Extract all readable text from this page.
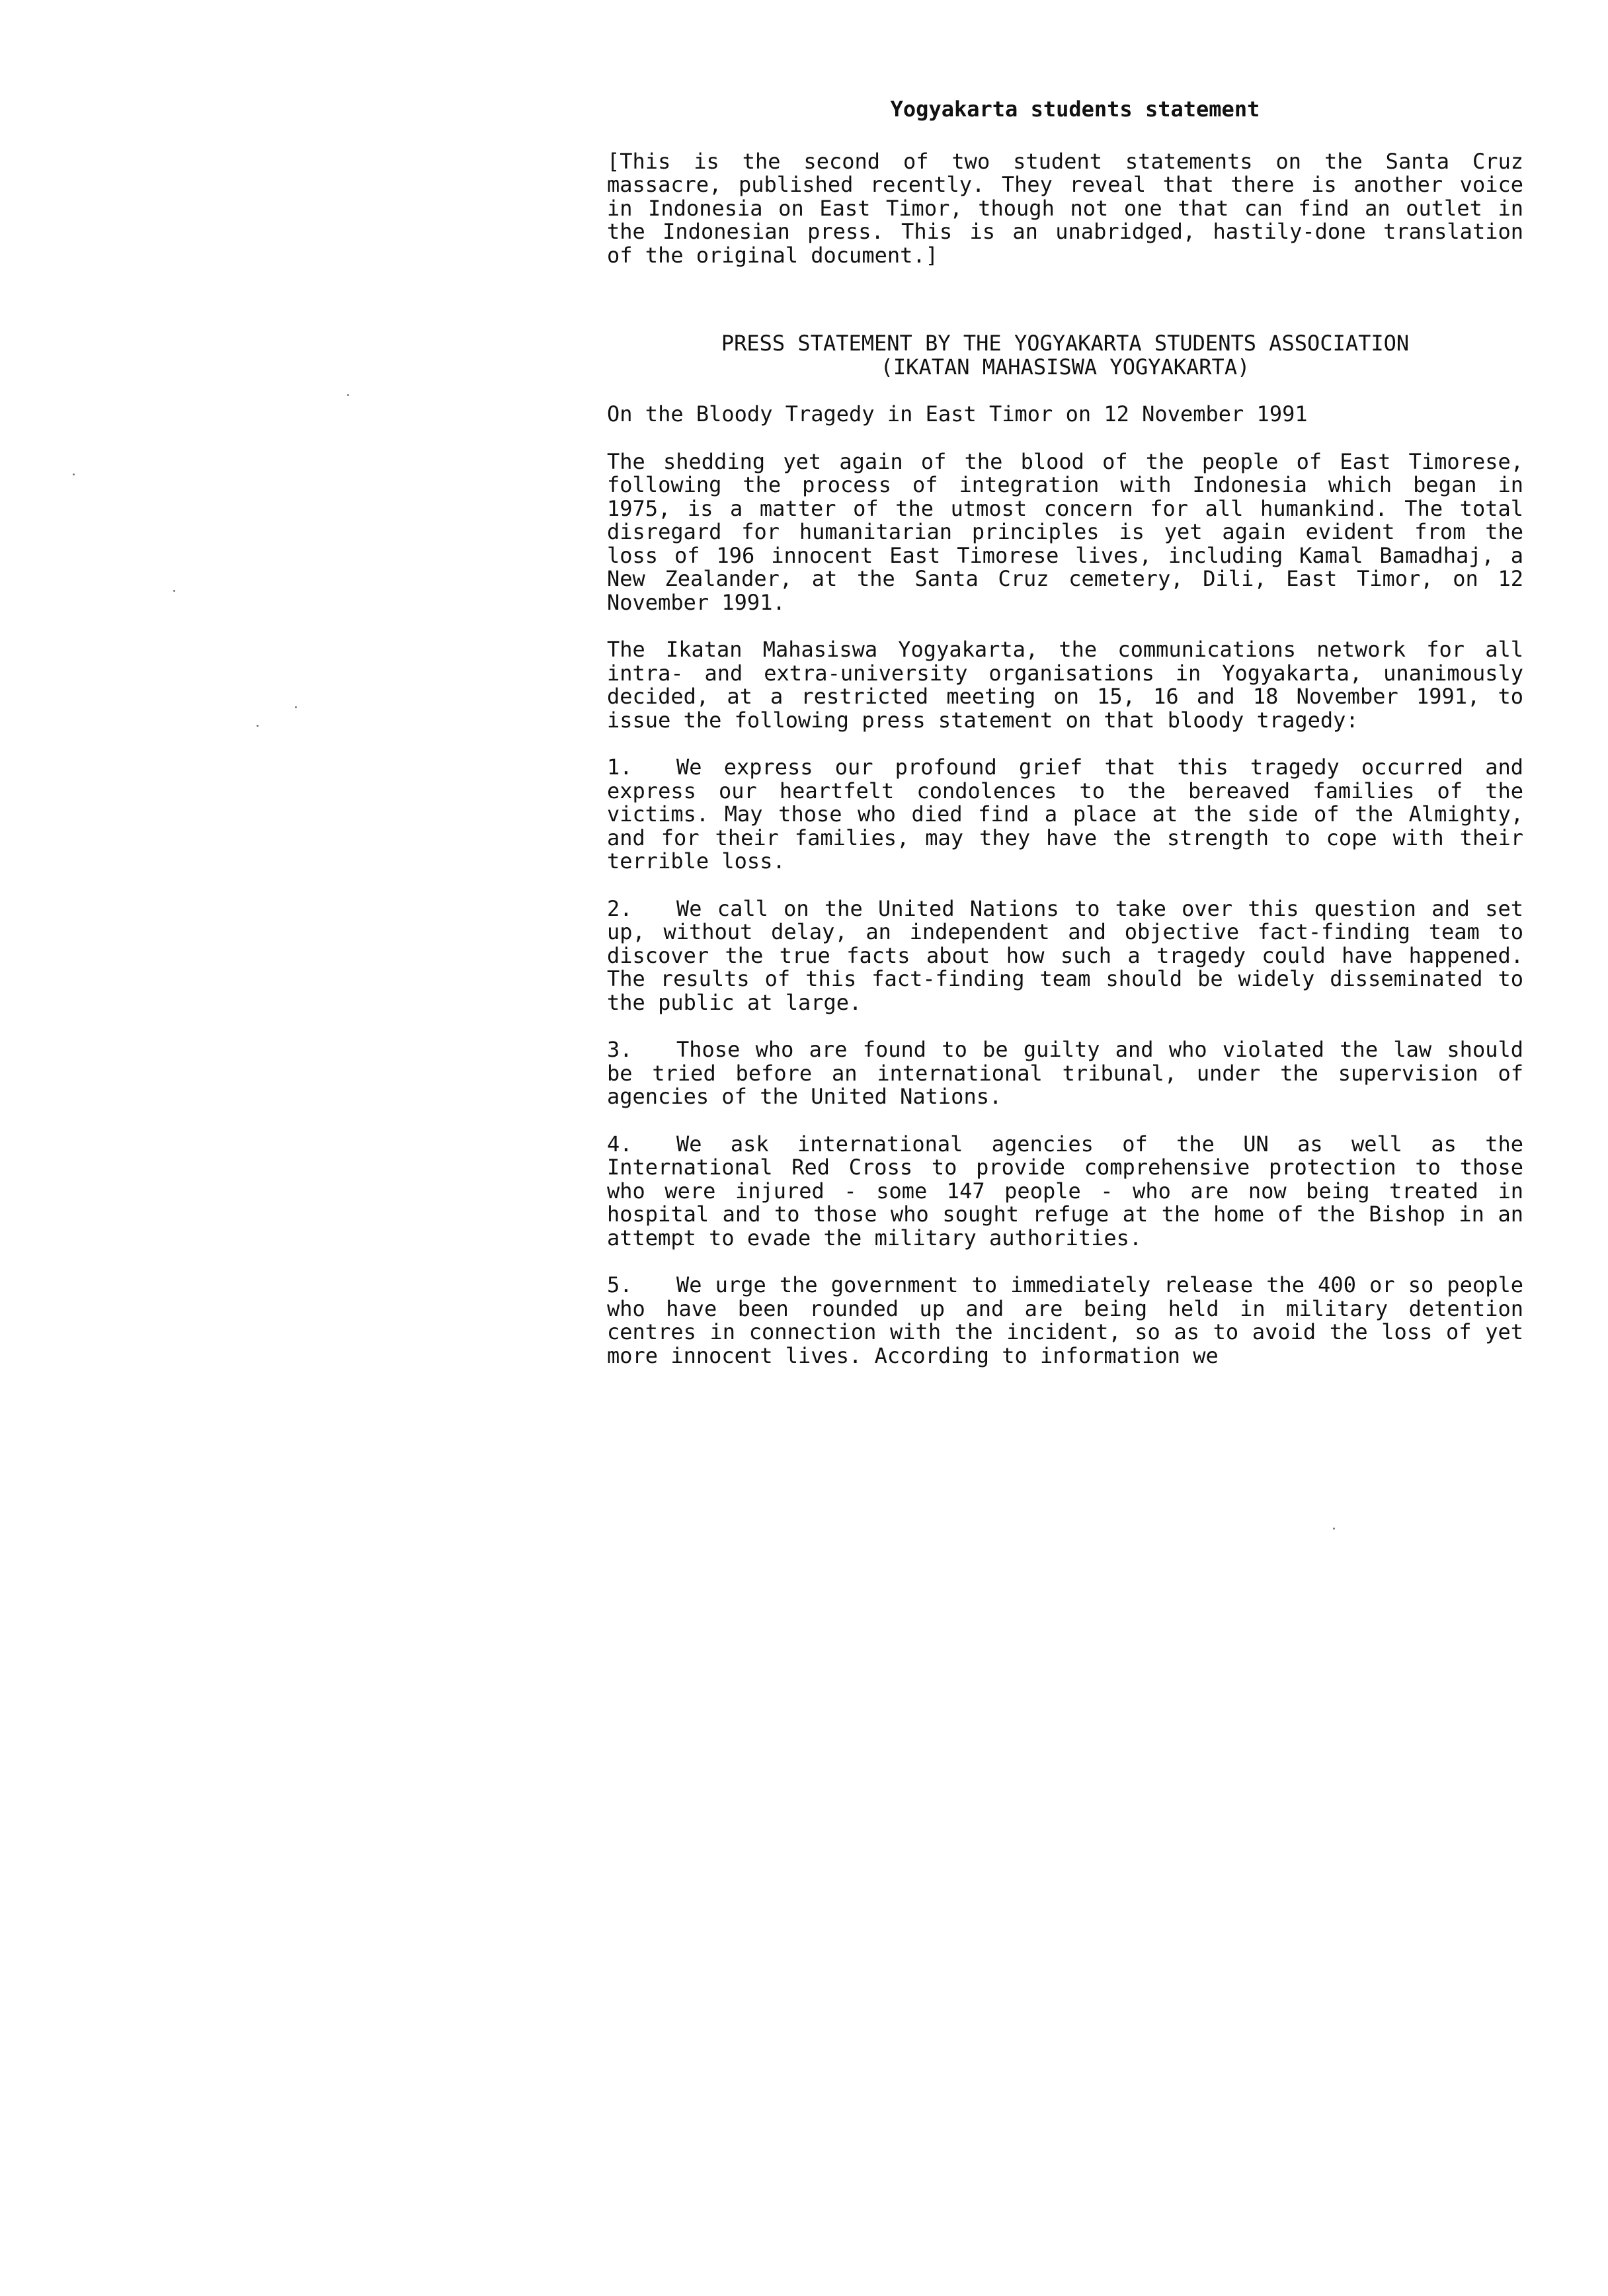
Yogyakarta students statement

[This is the second of two student statements on the Santa Cruz massacre, published recently. They reveal that there is another voice in Indonesia on East Timor, though not one that can find an outlet in the Indonesian press. This is an unabridged, hastily-done translation of the original document.]

PRESS STATEMENT BY THE YOGYAKARTA STUDENTS ASSOCIATION
(IKATAN MAHASISWA YOGYAKARTA)

On the Bloody Tragedy in East Timor on 12 November 1991

The shedding yet again of the blood of the people of East Timorese, following the process of integration with Indonesia which began in 1975, is a matter of the utmost concern for all humankind. The total disregard for humanitarian principles is yet again evident from the loss of 196 innocent East Timorese lives, including Kamal Bamadhaj, a New Zealander, at the Santa Cruz cemetery, Dili, East Timor, on 12 November 1991.

The Ikatan Mahasiswa Yogyakarta, the communications network for all intra- and extra-university organisations in Yogyakarta, unanimously decided, at a restricted meeting on 15, 16 and 18 November 1991, to issue the following press statement on that bloody tragedy:

1. We express our profound grief that this tragedy occurred and express our heartfelt condolences to the bereaved families of the victims. May those who died find a place at the side of the Almighty, and for their families, may they have the strength to cope with their terrible loss.

2. We call on the United Nations to take over this question and set up, without delay, an independent and objective fact-finding team to discover the true facts about how such a tragedy could have happened. The results of this fact-finding team should be widely disseminated to the public at large.

3. Those who are found to be guilty and who violated the law should be tried before an international tribunal, under the supervision of agencies of the United Nations.

4. We ask international agencies of the UN as well as the International Red Cross to provide comprehensive protection to those who were injured - some 147 people - who are now being treated in hospital and to those who sought refuge at the home of the Bishop in an attempt to evade the military authorities.

5. We urge the government to immediately release the 400 or so people who have been rounded up and are being held in military detention centres in connection with the incident, so as to avoid the loss of yet more innocent lives. According to information we
